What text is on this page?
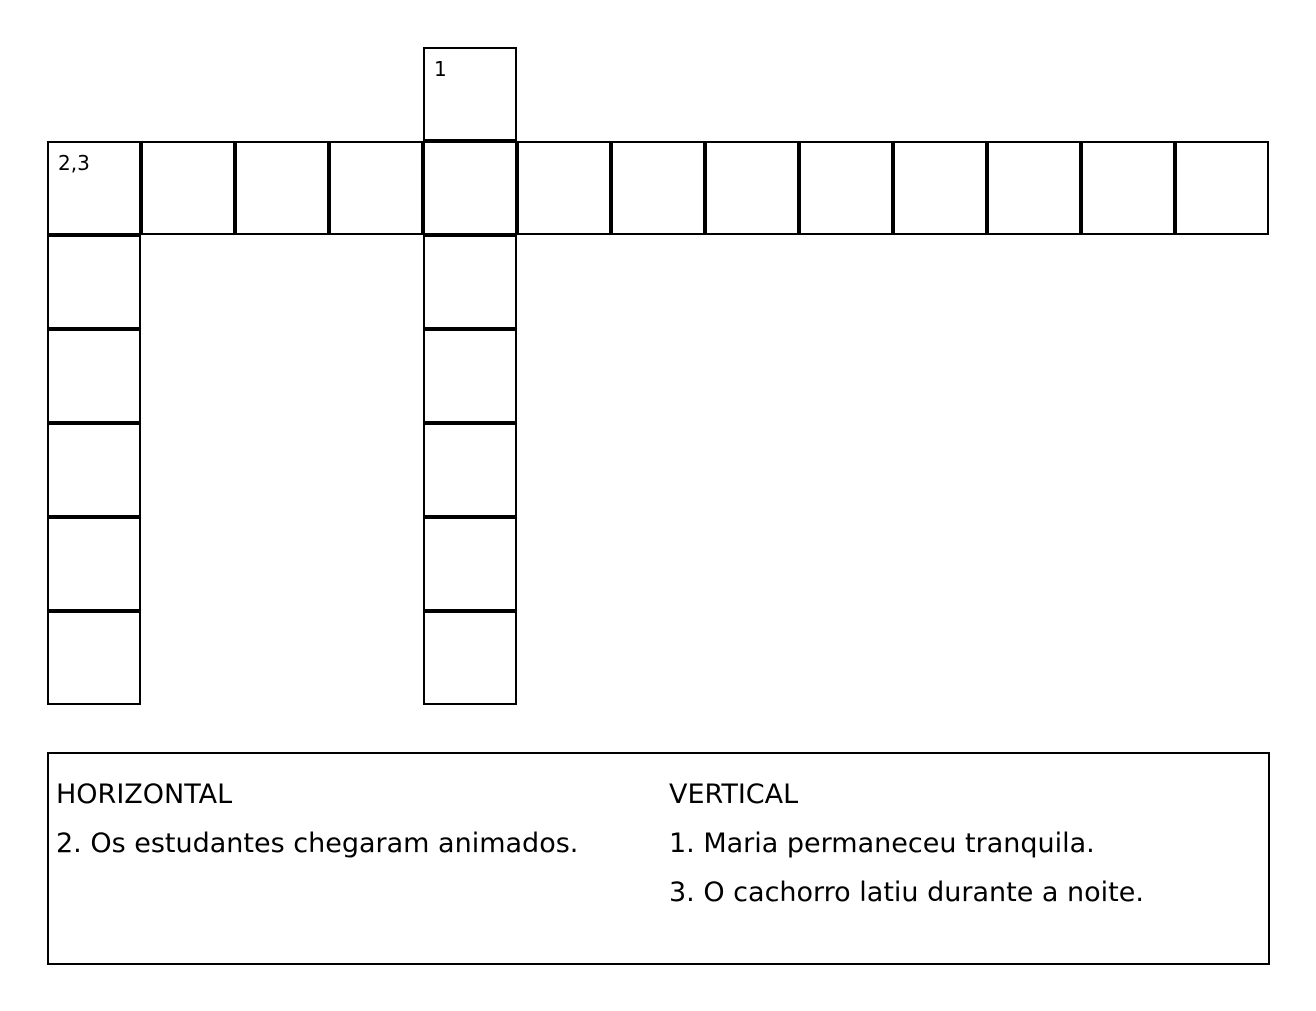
2,3
1
HORIZONTAL
2. Os estudantes chegaram animados.
VERTICAL
1. Maria permaneceu tranquila.
3. O cachorro latiu durante a noite.
